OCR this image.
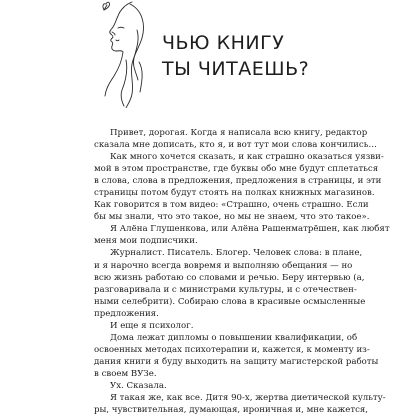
ЧЬЮ КНИГУ
ТЫ ЧИТАЕШЬ?

Привет, дорогая. Когда я написала всю книгу, редактор
сказала мне дописать, кто я, и вот тут мои слова кончились…

Как много хочется сказать, и как страшно оказаться уязви-
мой в этом пространстве, где буквы обо мне будут сплетаться
в слова, слова в предложения, предложения в страницы, и эти
страницы потом будут стоять на полках книжных магазинов.
Как говорится в том видео: «Страшно, очень страшно. Если
бы мы знали, что это такое, но мы не знаем, что это такое».

Я Алёна Глушенкова, или Алёна Рашенматрёшен, как любят
меня мои подписчики.

Журналист. Писатель. Блогер. Человек слова: в плане,
и я нарочно всегда вовремя и выполняю обещания — но
всю жизнь работаю со словами и речью. Беру интервью (а,
разговаривала и с министрами культуры, и с отечествен-
ными селебрити). Собираю слова в красивые осмысленные
предложения.

И еще я психолог.

Дома лежат дипломы о повышении квалификации, об
освоенных методах психотерапии и, кажется, к моменту из-
дания книги я буду выходить на защиту магистерской работы
в своем ВУЗе.

Ух. Сказала.

Я такая же, как все. Дитя 90-х, жертва диетической культу-
ры, чувствительная, думающая, ироничная и, мне кажется,
